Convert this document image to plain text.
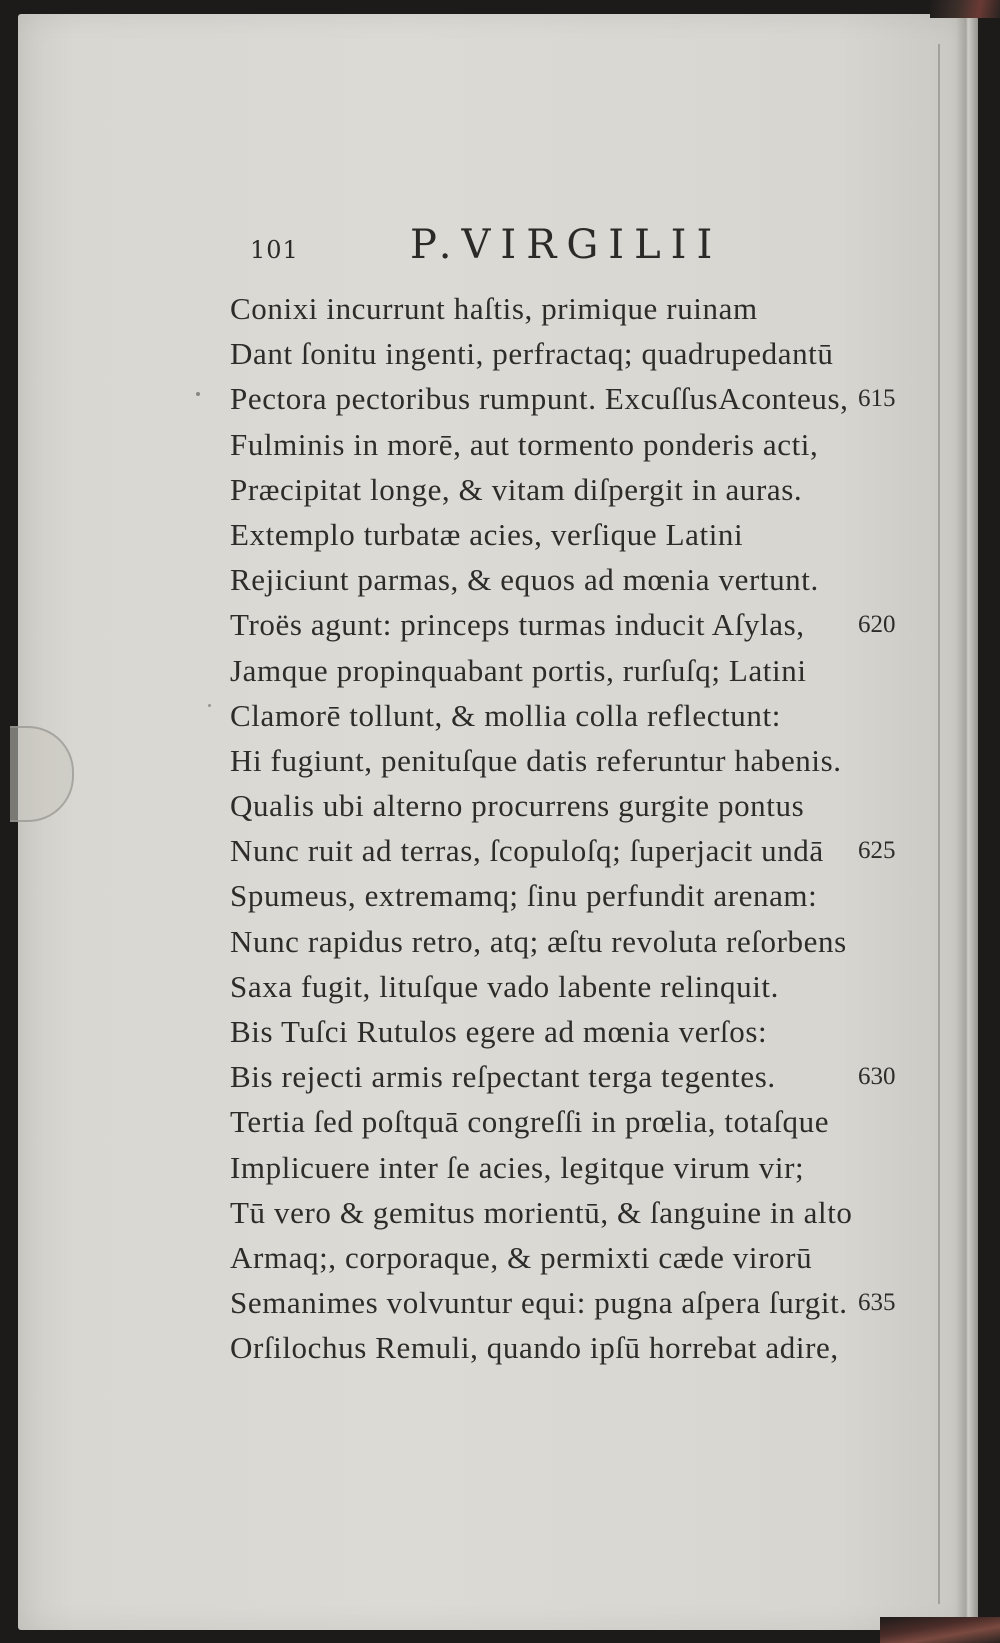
101	P.VIRGILII
Conixi incurrunt haſtis, primique ruinam
Dant ſonitu ingenti, perfractaq; quadrupedantū
Pectora pectoribus rumpunt. ExcuſſusAconteus, 615
Fulminis in morē, aut tormento ponderis acti,
Præcipitat longe, & vitam diſpergit in auras.
Extemplo turbatæ acies, verſique Latini
Rejiciunt parmas, & equos ad mœnia vertunt.
Troës agunt: princeps turmas inducit Aſylas, 620
Jamque propinquabant portis, rurſuſq; Latini
Clamorē tollunt, & mollia colla reflectunt:
Hi fugiunt, penituſque datis referuntur habenis.
Qualis ubi alterno procurrens gurgite pontus
Nunc ruit ad terras, ſcopuloſq; ſuperjacit undā 625
Spumeus, extremamq; ſinu perfundit arenam:
Nunc rapidus retro, atq; æſtu revoluta reſorbens
Saxa fugit, lituſque vado labente relinquit.
Bis Tuſci Rutulos egere ad mœnia verſos:
Bis rejecti armis reſpectant terga tegentes.	630
Tertia ſed poſtquā congreſſi in prœlia, totaſque
Implicuere inter ſe acies, legitque virum vir;
Tū vero & gemitus morientū, & ſanguine in alto
Armaq;, corporaque, & permixti cæde virorū
Semanimes volvuntur equi: pugna aſpera ſurgit. 635
Orſilochus Remuli, quando ipſū horrebat adire,
